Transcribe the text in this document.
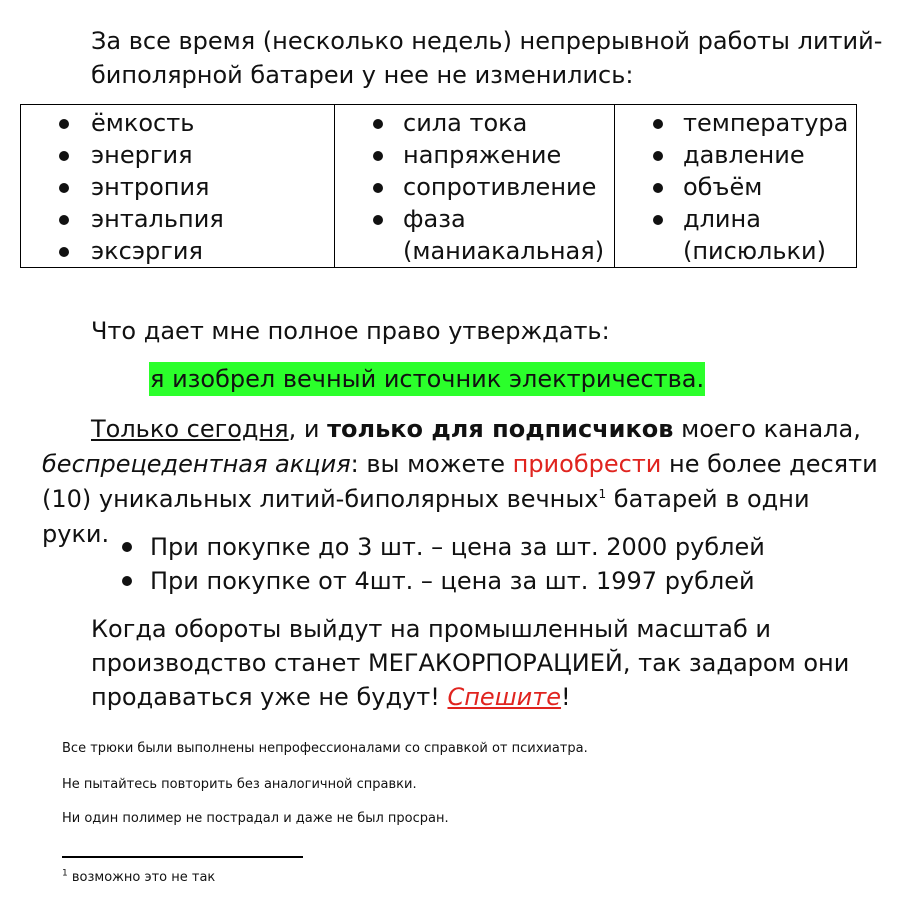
За все время (несколько недель) непрерывной работы литий-
биполярной батареи у нее не изменились:
ёмкость
энергия
энтропия
энтальпия
эксэргия

сила тока
напряжение
сопротивление
фаза
(маниакальная)

температура
давление
объём
длина
(писюльки)
Что дает мне полное право утверждать:
я изобрел вечный источник электричества.
Только сегодня, и только для подписчиков моего канала,
беспрецедентная акция: вы можете приобрести не более десяти
(10) уникальных литий-биполярных вечных$^1$ батарей в одни руки.	При покупке до 3 шт. – цена за шт. 2000 рублей
При покупке от 4шт. – цена за шт. 1997 рублей
Когда обороты выйдут на промышленный масштаб и
производство станет МЕГАКОРПОРАЦИЕЙ, так задаром они
продаваться уже не будут! Спешите!
Все трюки были выполнены непрофессионалами со справкой от психиатра.
Не пытайтесь повторить без аналогичной справки.
Ни один полимер не пострадал и даже не был просран.
$^1$ возможно это не так
